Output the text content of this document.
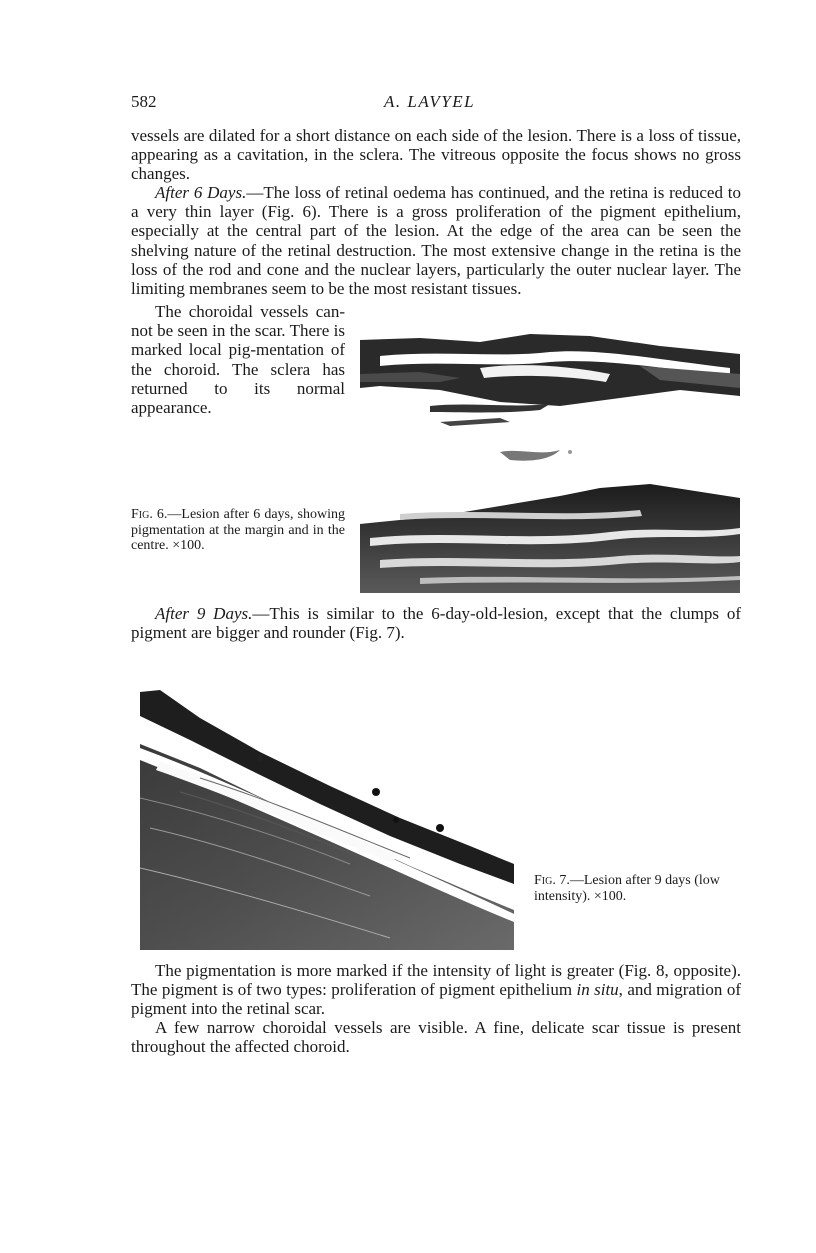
582	A. LAVYEL

vessels are dilated for a short distance on each side of the lesion. There is a loss of tissue, appearing as a cavitation, in the sclera. The vitreous opposite the focus shows no gross changes.

After 6 Days.—The loss of retinal oedema has continued, and the retina is reduced to a very thin layer (Fig. 6). There is a gross proliferation of the pigment epithelium, especially at the central part of the lesion. At the edge of the area can be seen the shelving nature of the retinal destruction. The most extensive change in the retina is the loss of the rod and cone and the nuclear layers, particularly the outer nuclear layer. The limiting membranes seem to be the most resistant tissues.

The choroidal vessels can-not be seen in the scar. There is marked local pig-mentation of the choroid. The sclera has returned to its normal appearance.

Fig. 6.—Lesion after 6 days, showing pigmentation at the margin and in the centre. ×100.

After 9 Days.—This is similar to the 6-day-old-lesion, except that the clumps of pigment are bigger and rounder (Fig. 7).

Fig. 7.—Lesion after 9 days (low intensity). ×100.

The pigmentation is more marked if the intensity of light is greater (Fig. 8, opposite). The pigment is of two types: proliferation of pigment epithelium in situ, and migration of pigment into the retinal scar.

A few narrow choroidal vessels are visible. A fine, delicate scar tissue is present throughout the affected choroid.
